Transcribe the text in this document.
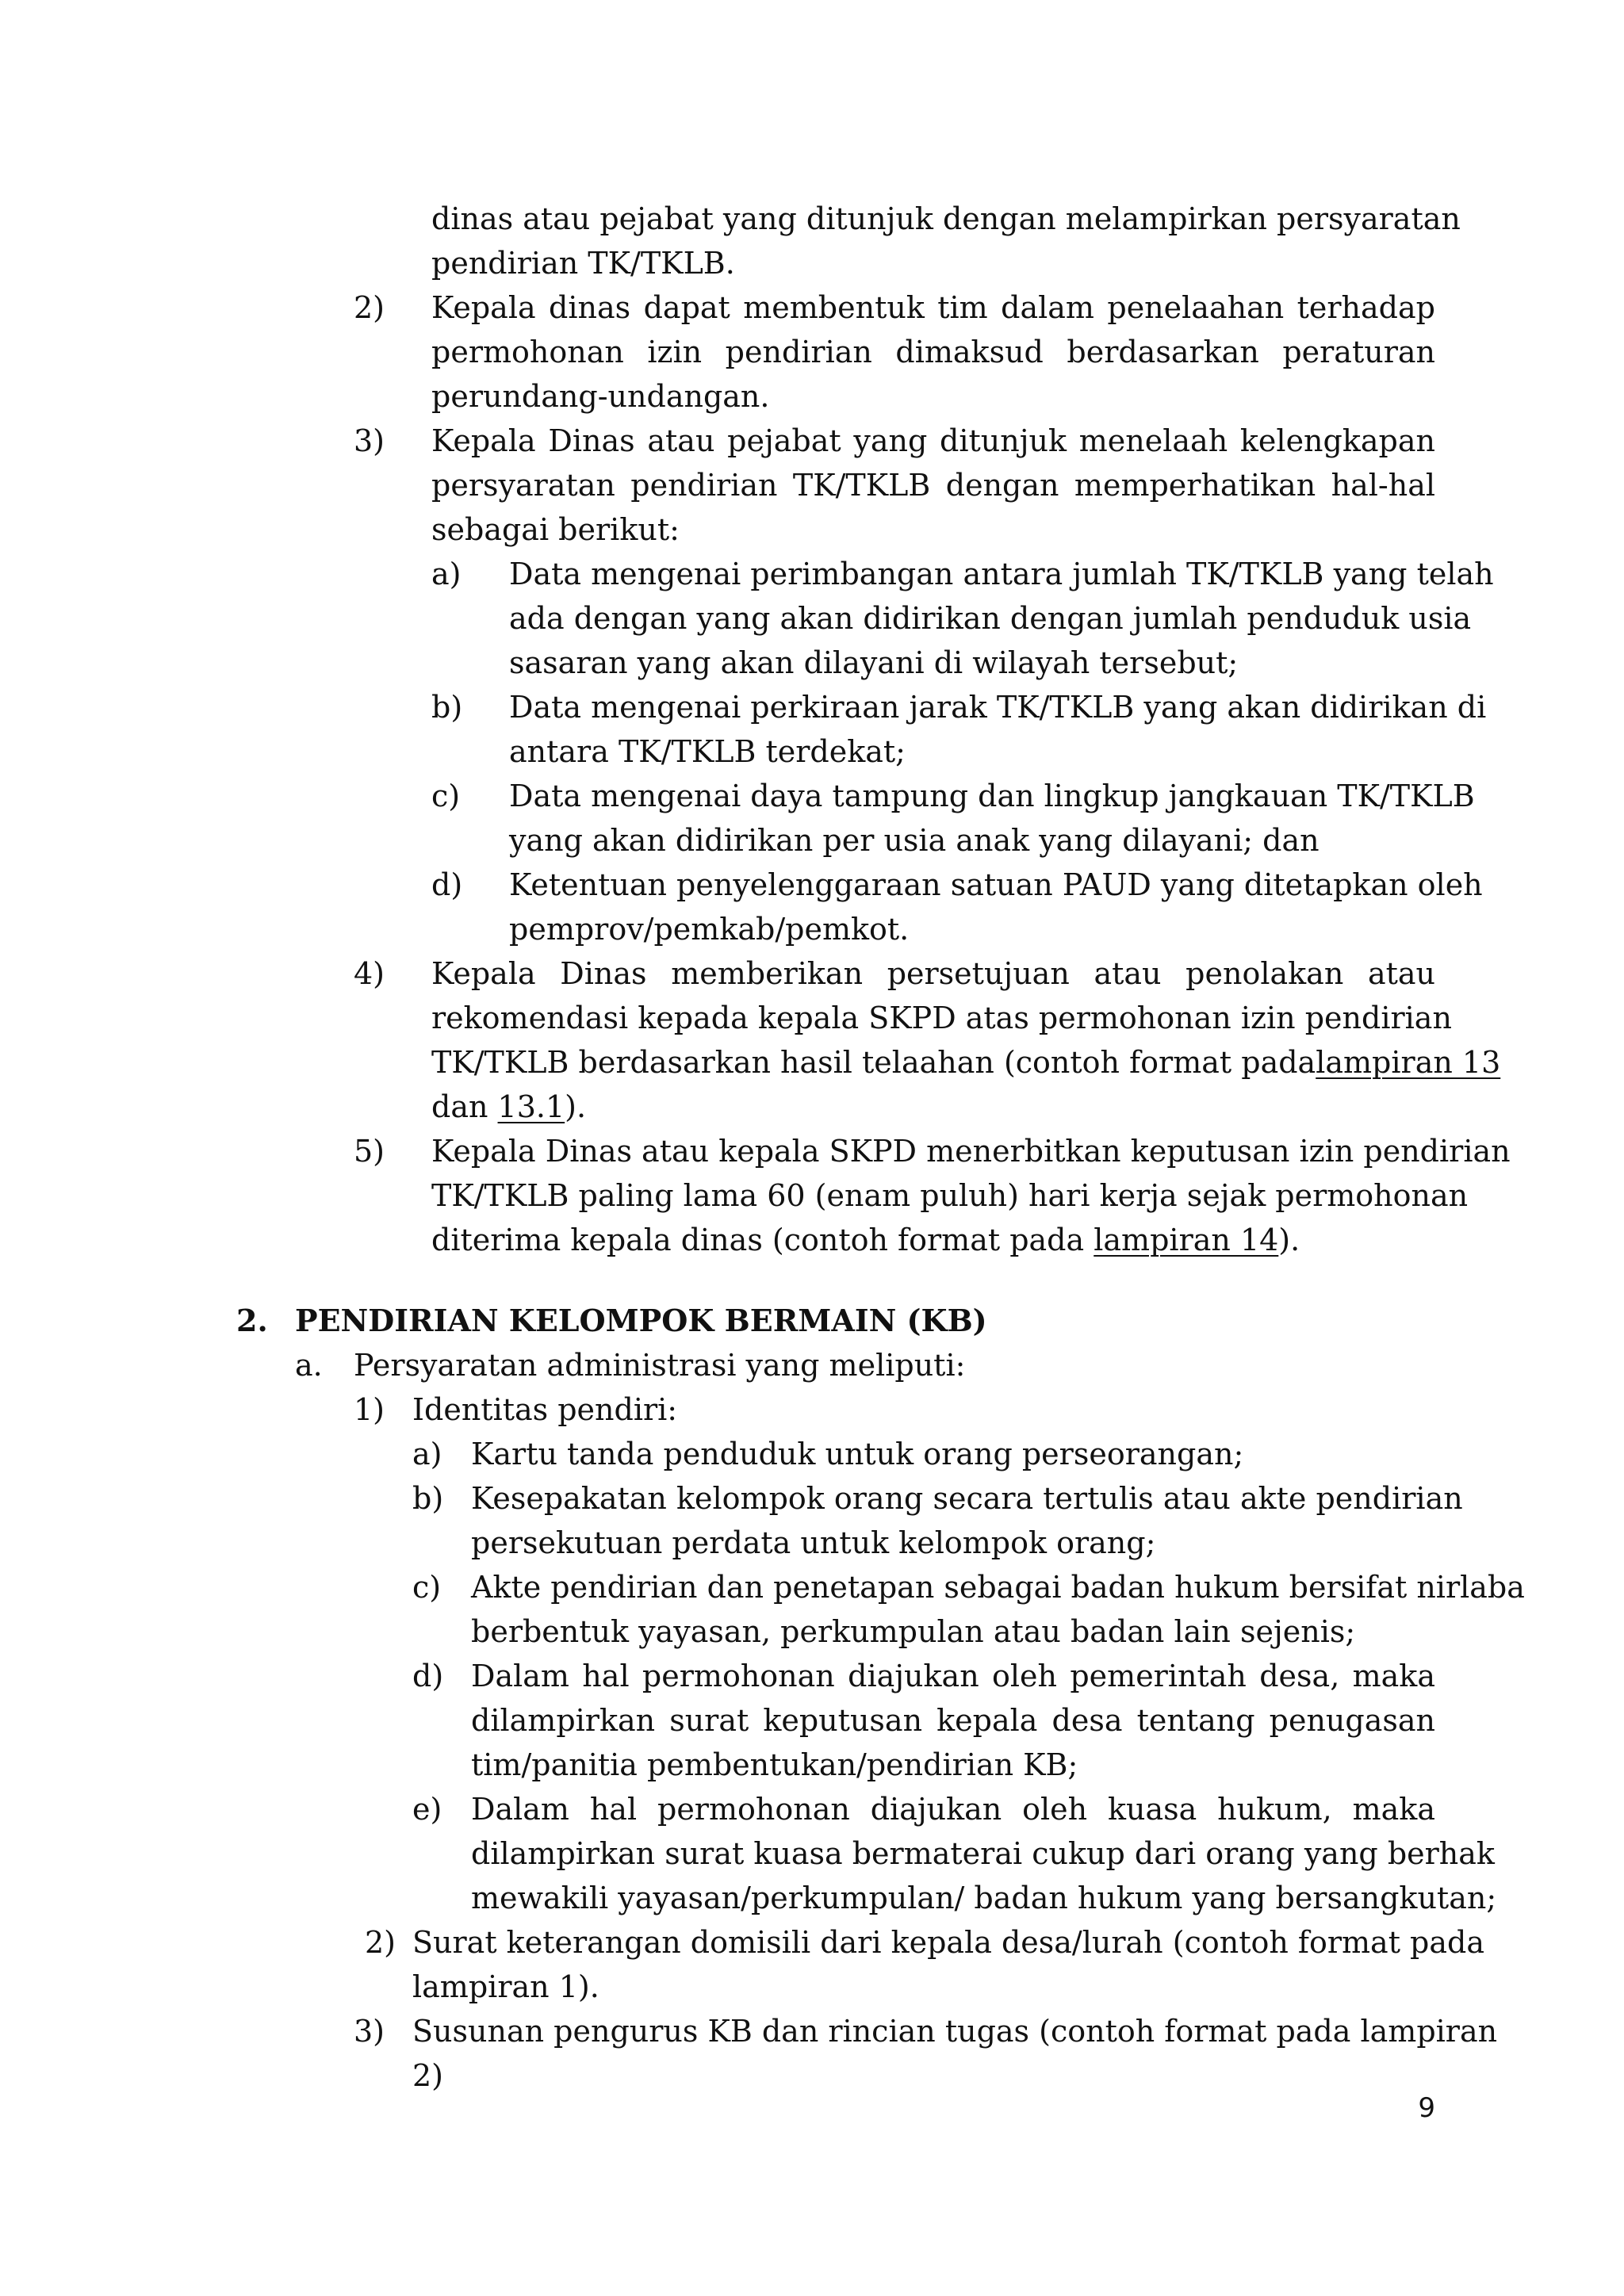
dinas atau pejabat yang ditunjuk dengan melampirkan persyaratan
pendirian TK/TKLB.
2) Kepala dinas dapat membentuk tim dalam penelaahan terhadap
permohonan izin pendirian dimaksud berdasarkan peraturan
perundang-undangan.
3) Kepala Dinas atau pejabat yang ditunjuk menelaah kelengkapan
persyaratan pendirian TK/TKLB dengan memperhatikan hal-hal
sebagai berikut:
a) Data mengenai perimbangan antara jumlah TK/TKLB yang telah
ada dengan yang akan didirikan dengan jumlah penduduk usia
sasaran yang akan dilayani di wilayah tersebut;
b) Data mengenai perkiraan jarak TK/TKLB yang akan didirikan di
antara TK/TKLB terdekat;
c) Data mengenai daya tampung dan lingkup jangkauan TK/TKLB
yang akan didirikan per usia anak yang dilayani; dan
d) Ketentuan penyelenggaraan satuan PAUD yang ditetapkan oleh
pemprov/pemkab/pemkot.
4) Kepala Dinas memberikan persetujuan atau penolakan atau
rekomendasi kepada kepala SKPD atas permohonan izin pendirian
TK/TKLB berdasarkan hasil telaahan (contoh format pada lampiran 13
dan 13.1).
5) Kepala Dinas atau kepala SKPD menerbitkan keputusan izin pendirian
TK/TKLB paling lama 60 (enam puluh) hari kerja sejak permohonan
diterima kepala dinas (contoh format pada lampiran 14).
2. PENDIRIAN KELOMPOK BERMAIN (KB)
a. Persyaratan administrasi yang meliputi:
1) Identitas pendiri:
a) Kartu tanda penduduk untuk orang perseorangan;
b) Kesepakatan kelompok orang secara tertulis atau akte pendirian
persekutuan perdata untuk kelompok orang;
c) Akte pendirian dan penetapan sebagai badan hukum bersifat nirlaba
berbentuk yayasan, perkumpulan atau badan lain sejenis;
d) Dalam hal permohonan diajukan oleh pemerintah desa, maka
dilampirkan surat keputusan kepala desa tentang penugasan
tim/panitia pembentukan/pendirian KB;
e) Dalam hal permohonan diajukan oleh kuasa hukum, maka
dilampirkan surat kuasa bermaterai cukup dari orang yang berhak
mewakili yayasan/perkumpulan/ badan hukum yang bersangkutan;
2) Surat keterangan domisili dari kepala desa/lurah (contoh format pada
lampiran 1).
3) Susunan pengurus KB dan rincian tugas (contoh format pada lampiran
2)
9
